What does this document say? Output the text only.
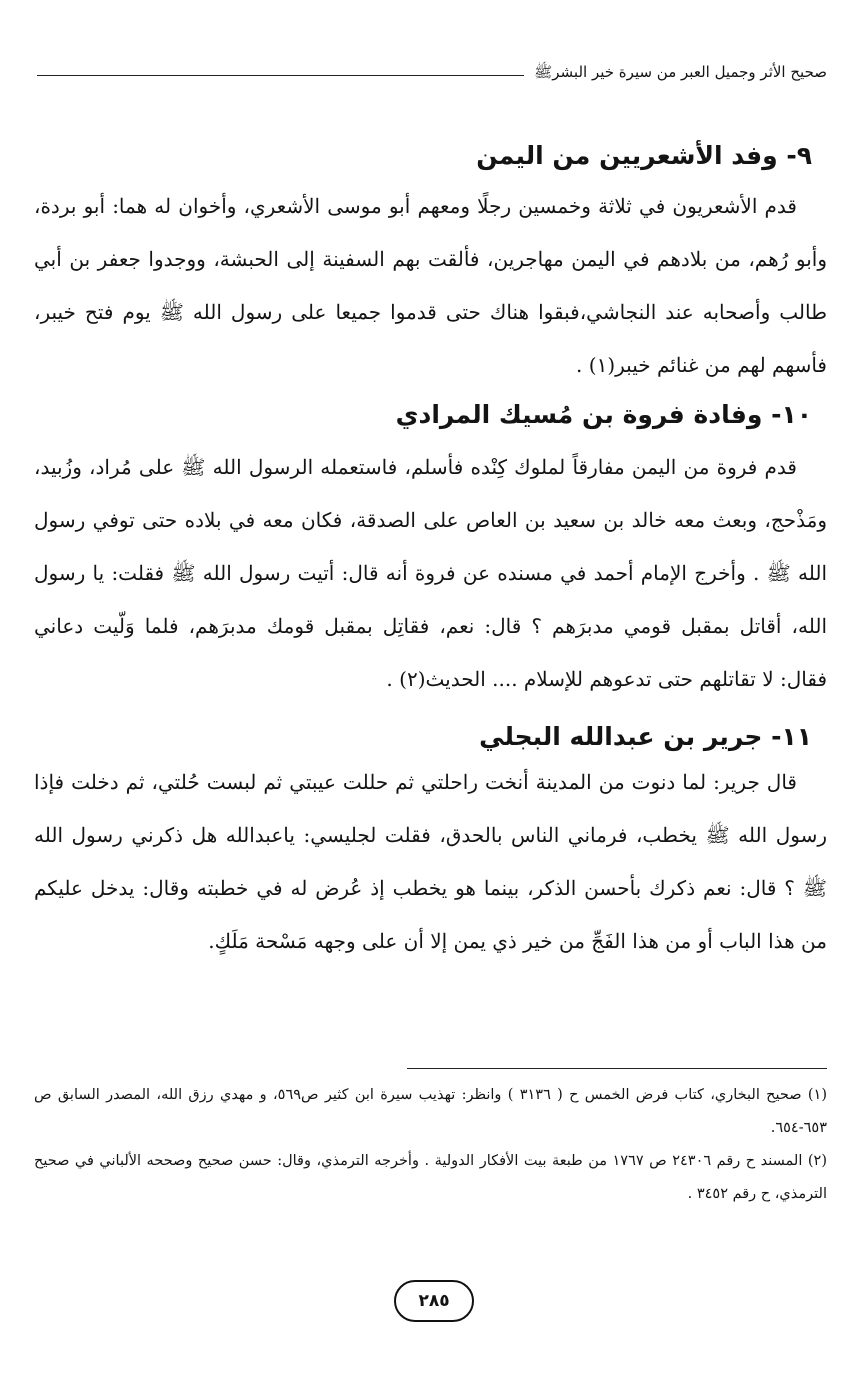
صحيح الأثر وجميل العبر من سيرة خير البشرﷺ
٩- وفد الأشعريين من اليمن

قدم الأشعريون في ثلاثة وخمسين رجلًا ومعهم أبو موسى الأشعري، وأخوان له هما: أبو بردة، وأبو رُهم، من بلادهم في اليمن مهاجرين، فألقت بهم السفينة إلى الحبشة، ووجدوا جعفر بن أبي طالب وأصحابه عند النجاشي،فبقوا هناك حتى قدموا جميعا على رسول الله ﷺ يوم فتح خيبر، فأسهم لهم من غنائم خيبر(١) .

١٠- وفادة فروة بن مُسيك المرادي

قدم فروة من اليمن مفارقاً لملوك كِنْده فأسلم، فاستعمله الرسول الله ﷺ على مُراد، وزُبيد، ومَذْحج، وبعث معه خالد بن سعيد بن العاص على الصدقة، فكان معه في بلاده حتى توفي رسول الله ﷺ . وأخرج الإمام أحمد في مسنده عن فروة أنه قال: أتيت رسول الله ﷺ فقلت: يا رسول الله، أقاتل بمقبل قومي مدبرَهم ؟ قال: نعم، فقاتِل بمقبل قومك مدبرَهم، فلما وَلّيت دعاني فقال: لا تقاتلهم حتى تدعوهم للإسلام .... الحديث(٢) .

١١- جرير بن عبدالله البجلي

قال جرير: لما دنوت من المدينة أنخت راحلتي ثم حللت عيبتي ثم لبست حُلتي، ثم دخلت فإذا رسول الله ﷺ يخطب، فرماني الناس بالحدق، فقلت لجليسي: ياعبدالله هل ذكرني رسول الله ﷺ ؟ قال: نعم ذكرك بأحسن الذكر، بينما هو يخطب إذ عُرض له في خطبته وقال: يدخل عليكم من هذا الباب أو من هذا الفَجِّ من خير ذي يمن إلا أن على وجهه مَسْحة مَلَكٍ.

(١) صحيح البخاري، كتاب فرض الخمس ح ( ٣١٣٦ ) وانظر: تهذيب سيرة ابن كثير ص٥٦٩، و مهدي رزق الله، المصدر السابق ص ٦٥٣-٦٥٤.

(٢) المسند ح رقم ٢٤٣٠٦ ص ١٧٦٧ من طبعة بيت الأفكار الدولية . وأخرجه الترمذي، وقال: حسن صحيح وصححه الألباني في صحيح الترمذي، ح رقم ٣٤٥٢ .

٢٨٥
